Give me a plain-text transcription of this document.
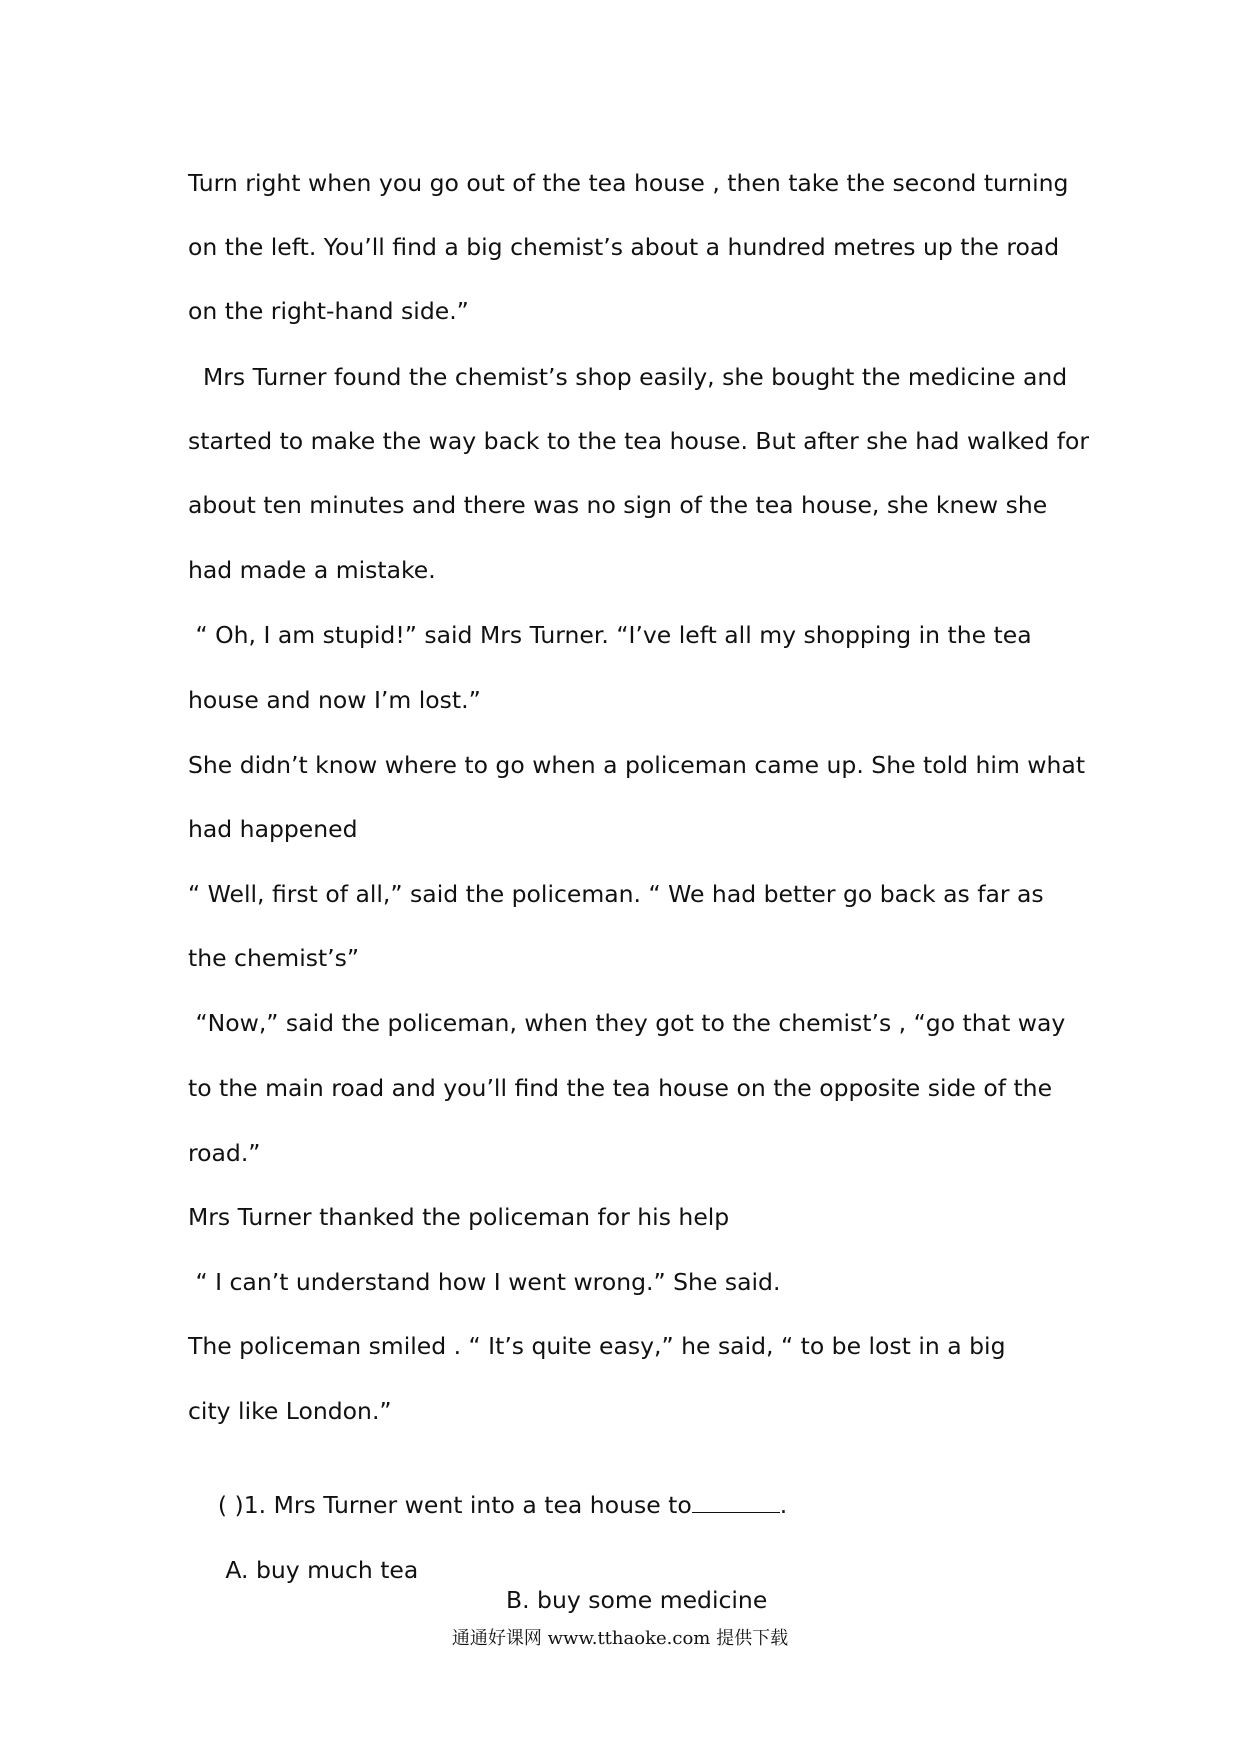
Turn right when you go out of the tea house , then take the second turning
on the left. You’ll find a big chemist’s about a hundred metres up the road
on the right-hand side.”
Mrs Turner found the chemist’s shop easily, she bought the medicine and
started to make the way back to the tea house. But after she had walked for
about ten minutes and there was no sign of the tea house, she knew she
had made a mistake.
“ Oh, I am stupid!” said Mrs Turner. “I’ve left all my shopping in the tea
house and now I’m lost.”
She didn’t know where to go when a policeman came up. She told him what
had happened
“ Well, first of all,” said the policeman. “ We had better go back as far as
the chemist’s”
“Now,” said the policeman, when they got to the chemist’s , “go that way
to the main road and you’ll find the tea house on the opposite side of the
road.”
Mrs Turner thanked the policeman for his help
“ I can’t understand how I went wrong.” She said.
The policeman smiled . “ It’s quite easy,” he said, “ to be lost in a big
city like London.”

( )1. Mrs Turner went into a tea house to	.

A. buy much tea

B. buy some medicine

通通好课网 www.tthaoke.com 提供下载
